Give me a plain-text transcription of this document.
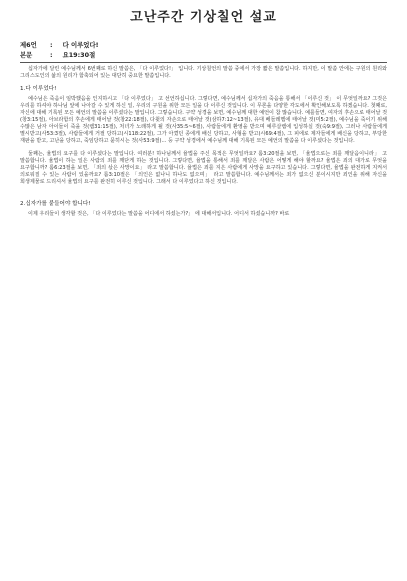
고난주간 기상칠언 설교
제6언	: 다 이루었다!
본문	: 요19:30절

십자가에 달린 예수님께서 6번째로 하신 말씀은, 「다 이루었다!」 입니다. 기상칠언의 말씀 중에서 가장 짧은 말씀입니다. 하지만, 이 말씀 안에는 구원의 원리와 그리스도인의 삶의 원리가 함축되어 있는 대단히 중요한 말씀입니다.

1.다 이루었다!

예수님은 죽음이 임박했음을 인지하시고 「다 이루었다」 고 선언하십니다. 그렇다면, 예수님께서 십자가의 죽음을 통해서 「이루신 것」 이 무엇일까요? 그것은 우리를 하셔야 하나님 앞에 나아갈 수 있게 하신 일, 우리의 구원을 위한 모든 일을 다 이루신 것입니다. 이 무론을 다양한 각도에서 확인해보도록 하겠습니다. 첫째로, 자신에 대해 기록된 모든 예언의 말씀을 이루셨다는 말입니다. 그렇습니다. 구약 성경을 보면, 예수님께 대한 예언이 참 많습니다. 예를들면, 여자의 후손으로 태어날 것(창3:15절), 아브라함의 후손에게 태어날 것(창22:18절), 다윗의 자손으로 태어날 것(삼하7:12~13절), 유대 베들레헴에 태어날 것(미5:2절), 예수님을 죽이기 위해 수많은 남자 아이들이 죽을 것(렘31:15절), 처녀가 노래하게 될 것(사35:5~6절), 사람들에게 환영을 받으며 예루살렘에 입성하실 것(숙9:9절), 그러나 사람들에게 멸시받고(사53:3절), 사람들에게 거절 당하고(시118:22절), 그가 아꼈던 종에게 배신 당하고, 사형을 받고(시69:4절), 그 피에로 제자들에게 배신을 당하고, 부당한 재판을 받고, 고난을 당하고, 죽임당하고 묻히시는 것(사53:9절)... 등 구약 성경에서 예수님께 대해 기록된 모든 예언의 말씀을 다 이루셨다는 것입니다.

둘째는, 율법의 요구를 다 이루셨다는 말입니다. 여러분! 하나님께서 율법을 주신 목적은 무엇일까요? 롬3:20절을 보면, 「율법으로는 죄를 깨달음이니라」 고 말씀합니다. 율법이 하는 일은 사람의 죄를 깨닫게 하는 것입니다. 그렇다면, 율법을 통해서 죄를 깨달은 사람은 어떻게 해야 할까요? 율법은 죄의 대가로 무엇을 요구합니까? 롬6:23절을 보면, 「죄의 삯은 사망이요」 라고 말씀합니다. 율법은 죄를 지은 사람에게 사망을 요구하고 있습니다. 그렇다면, 율법을 완전하게 지켜서 의로워질 수 있는 사람이 있을까요? 롬3:10절은 「의인은 없나니 하나도 없으며」 라고 말씀합니다. 예수님께서는 죄가 없으신 분이시지만 죄인을 위해 자신을 희생제물로 드리셔서 율법의 요구를 완전히 이루신 것입니다. 그래서 다 이루었다고 하신 것입니다.

2.십자가를 붙들어야 합니다!

이제 우리들이 생각할 것은, 「다 이루었다는 말씀을 어디에서 하셨는가?」 에 대해서입니다. 어디서 하셨습니까? 바로
